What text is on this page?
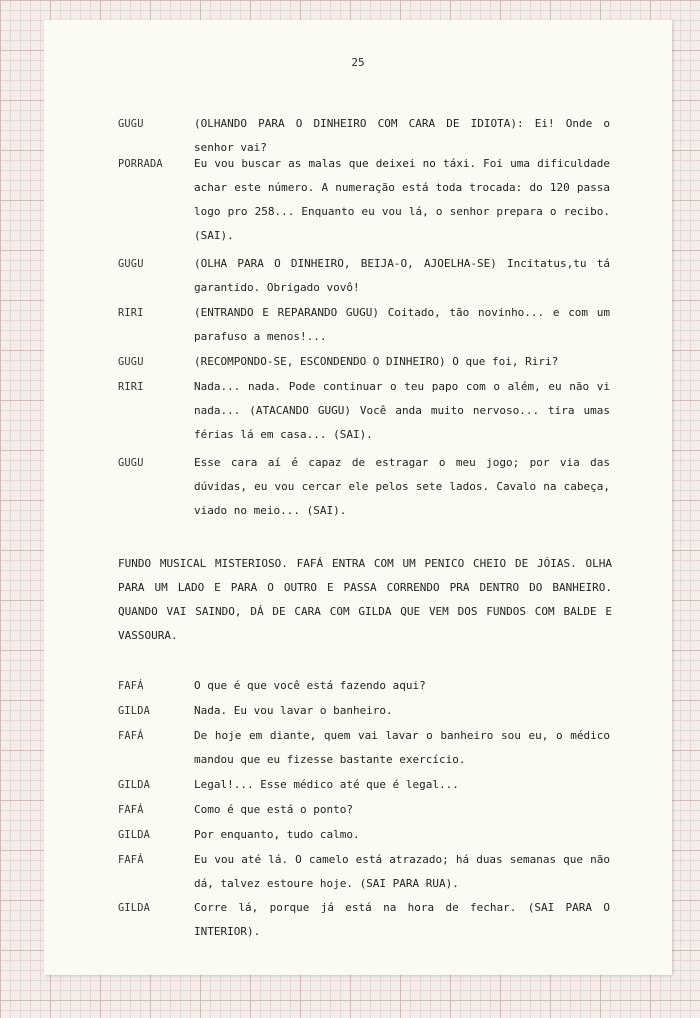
25
GUGU	(OLHANDO PARA O DINHEIRO COM CARA DE IDIOTA): Ei! Onde o senhor vai?
PORRADA	Eu vou buscar as malas que deixei no táxi. Foi uma dificuldade achar este número. A numeração está toda trocada: do 120 passa logo pro 258... Enquanto eu vou lá, o senhor prepara o recibo. (SAI).
GUGU	(OLHA PARA O DINHEIRO, BEIJA-O, AJOELHA-SE) Incitatus,tu tá garantido. Obrigado vovô!
RIRI	(ENTRANDO E REPARANDO GUGU) Coitado, tão novinho... e com um parafuso a menos!...
GUGU	(RECOMPONDO-SE, ESCONDENDO O DINHEIRO) O que foi, Riri?
RIRI	Nada... nada. Pode continuar o teu papo com o além, eu não vi nada... (ATACANDO GUGU) Você anda muito nervoso... tira umas férias lá em casa... (SAI).
GUGU	Esse cara aí é capaz de estragar o meu jogo; por via das dúvidas, eu vou cercar ele pelos sete lados. Cavalo na cabeça, viado no meio... (SAI).
FUNDO MUSICAL MISTERIOSO. FAFÁ ENTRA COM UM PENICO CHEIO DE JÓIAS. OLHA PARA UM LADO E PARA O OUTRO E PASSA CORRENDO PRA DENTRO DO BANHEIRO. QUANDO VAI SAINDO, DÁ DE CARA COM GILDA QUE VEM DOS FUNDOS COM BALDE E VASSOURA.
FAFÁ	O que é que você está fazendo aqui?
GILDA	Nada. Eu vou lavar o banheiro.
FAFÁ	De hoje em diante, quem vai lavar o banheiro sou eu, o médico mandou que eu fizesse bastante exercício.
GILDA	Legal!... Esse médico até que é legal...
FAFÁ	Como é que está o ponto?
GILDA	Por enquanto, tudo calmo.
FAFÁ	Eu vou até lá. O camelo está atrazado; há duas semanas que não dá, talvez estoure hoje. (SAI PARA RUA).
GILDA	Corre lá, porque já está na hora de fechar. (SAI PARA O INTERIOR).
